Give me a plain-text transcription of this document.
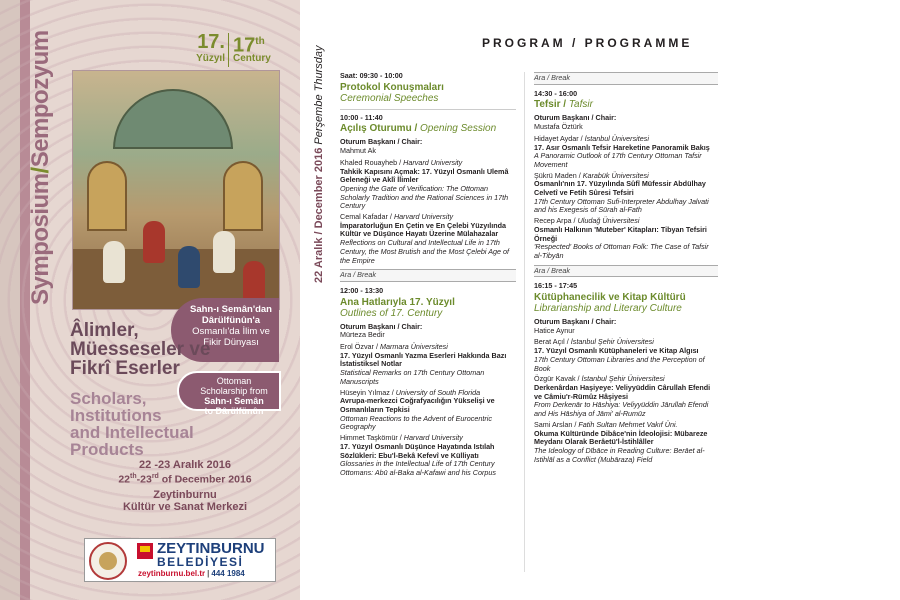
17.
Yüzyıl
17th
Century
Symposium/Sempozyum
Sahn-ı Semân'dan
Dârülfünûn'a
Osmanlı'da İlim ve
Fikir Dünyası
Âlimler,
Müesseseler ve
Fikrî Eserler
Ottoman
Scholarship from
Sahn-ı Semân
to Dârülfünûn
Scholars,
Institutions
and Intellectual
Products
22 -23 Aralık 2016
22th-23rd of December 2016
Zeytinburnu
Kültür ve Sanat Merkezi
ZEYTINBURNU
BELEDİYESİ
zeytinburnu.bel.tr | 444 1984
PROGRAM / PROGRAMME
22 Aralık / December 2016 Perşembe Thursday Saat: 09:30 - 10:00
Protokol Konuşmaları
Ceremonial Speeches
10:00 - 11:40
Açılış Oturumu / Opening Session
Oturum Başkanı / Chair:
Mahmut Ak
Khaled Rouayheb / Harvard University
Tahkik Kapısını Açmak: 17. Yüzyıl Osmanlı Ulemâ Geleneği ve Aklî İlimler
Opening the Gate of Verification: The Ottoman Scholarly Tradition and the Rational Sciences in 17th Century
Cemal Kafadar / Harvard University
İmparatorluğun En Çetin ve En Çelebi Yüzyılında Kültür ve Düşünce Hayatı Üzerine Mülahazalar
Reflections on Cultural and Intellectual Life in 17th Century, the Most Brutish and the Most Çelebi Age of the Empire
Ara / Break
12:00 - 13:30
Ana Hatlarıyla 17. Yüzyıl
Outlines of 17. Century
Oturum Başkanı / Chair:
Mürteza Bedir
Erol Özvar / Marmara Üniversitesi
17. Yüzyıl Osmanlı Yazma Eserleri Hakkında Bazı İstatistiksel Notlar
Statistical Remarks on 17th Century Ottoman Manuscripts
Hüseyin Yılmaz / University of South Florida
Avrupa-merkezci Coğrafyacılığın Yükselişi ve Osmanlıların Tepkisi
Ottoman Reactions to the Advent of Eurocentric Geography
Himmet Taşkömür / Harvard University
17. Yüzyıl Osmanlı Düşünce Hayatında Istılah Sözlükleri: Ebu'l-Bekâ Kefevî ve Külliyatı
Glossaries in the Intellectual Life of 17th Century Ottomans: Abū al-Baka al-Kafawi and his Corpus
Ara / Break
14:30 - 16:00
Tefsir / Tafsir
Oturum Başkanı / Chair:
Mustafa Öztürk
Hidayet Aydar / İstanbul Üniversitesi
17. Asır Osmanlı Tefsir Hareketine Panoramik Bakış
A Panoramic Outlook of 17th Century Ottoman Tafsir Movement
Şükrü Maden / Karabük Üniversitesi
Osmanlı'nın 17. Yüzyılında Sûfî Müfessir Abdülhay Celvetî ve Fetih Sûresi Tefsiri
17th Century Ottoman Sufi-Interpreter Abdulhay Jalvati and his Exegesis of Sūrah al-Fath
Recep Arpa / Uludağ Üniversitesi
Osmanlı Halkının 'Muteber' Kitapları: Tibyan Tefsiri Örneği
'Respected' Books of Ottoman Folk: The Case of Tafsir al-Tibyān
Ara / Break
16:15 - 17:45
Kütüphanecilik ve Kitap Kültürü
Librarianship and Literary Culture
Oturum Başkanı / Chair:
Hatice Aynur
Berat Açıl / İstanbul Şehir Üniversitesi
17. Yüzyıl Osmanlı Kütüphaneleri ve Kitap Algısı
17th Century Ottoman Libraries and the Perception of Book
Özgür Kavak / İstanbul Şehir Üniversitesi
Derkenârdan Haşiyeye: Veliyyüddin Cârullah Efendi ve Câmiu'r-Rümûz Hâşiyesi
From Derkenār to Hāshiya: Veliyyüddin Jārullah Efendi and His Hāshiya of Jāmi' al-Rumūz
Sami Arslan / Fatih Sultan Mehmet Vakıf Üni.
Okuma Kültüründe Dibâce'nin İdeolojisi: Mübareze Meydanı Olarak Berâetü'l-İstihlâller
The Ideology of Dībāce in Reading Culture: Berāet al-Istihlāl as a Conflict (Mubāraza) Field
